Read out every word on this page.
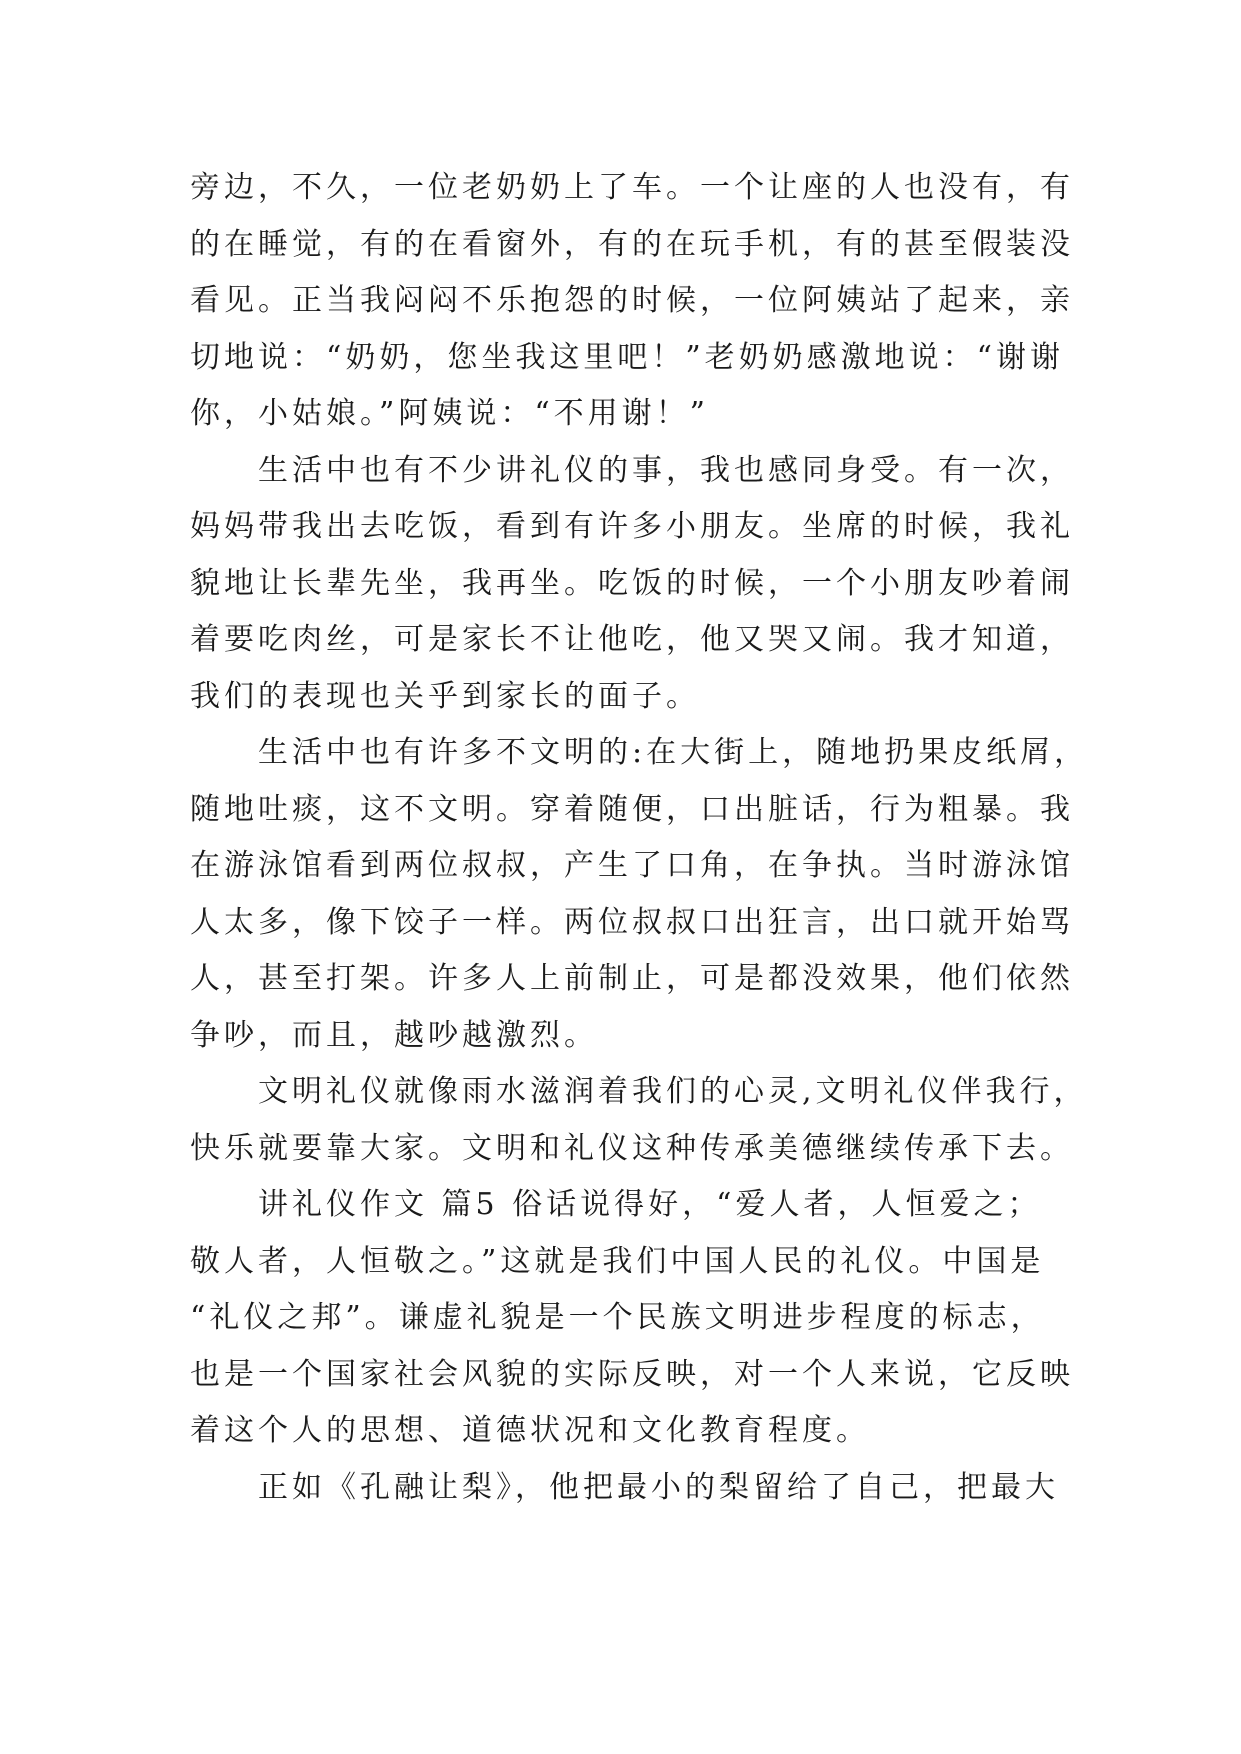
旁边，不久，一位老奶奶上了车。一个让座的人也没有，有
的在睡觉，有的在看窗外，有的在玩手机，有的甚至假装没
看见。正当我闷闷不乐抱怨的时候，一位阿姨站了起来，亲
切地说：“奶奶，您坐我这里吧！”老奶奶感激地说：“谢谢
你，小姑娘。”阿姨说：“不用谢！”
生活中也有不少讲礼仪的事，我也感同身受。有一次，
妈妈带我出去吃饭，看到有许多小朋友。坐席的时候，我礼
貌地让长辈先坐，我再坐。吃饭的时候，一个小朋友吵着闹
着要吃肉丝，可是家长不让他吃，他又哭又闹。我才知道，
我们的表现也关乎到家长的面子。
生活中也有许多不文明的:在大街上，随地扔果皮纸屑，
随地吐痰，这不文明。穿着随便，口出脏话，行为粗暴。我
在游泳馆看到两位叔叔，产生了口角，在争执。当时游泳馆
人太多，像下饺子一样。两位叔叔口出狂言，出口就开始骂
人，甚至打架。许多人上前制止，可是都没效果，他们依然
争吵，而且，越吵越激烈。
文明礼仪就像雨水滋润着我们的心灵,文明礼仪伴我行，
快乐就要靠大家。文明和礼仪这种传承美德继续传承下去。
讲礼仪作文 篇5 俗话说得好，“爱人者，人恒爱之；
敬人者，人恒敬之。”这就是我们中国人民的礼仪。中国是
“礼仪之邦”。谦虚礼貌是一个民族文明进步程度的标志，
也是一个国家社会风貌的实际反映，对一个人来说，它反映
着这个人的思想、道德状况和文化教育程度。
正如《孔融让梨》，他把最小的梨留给了自己，把最大
